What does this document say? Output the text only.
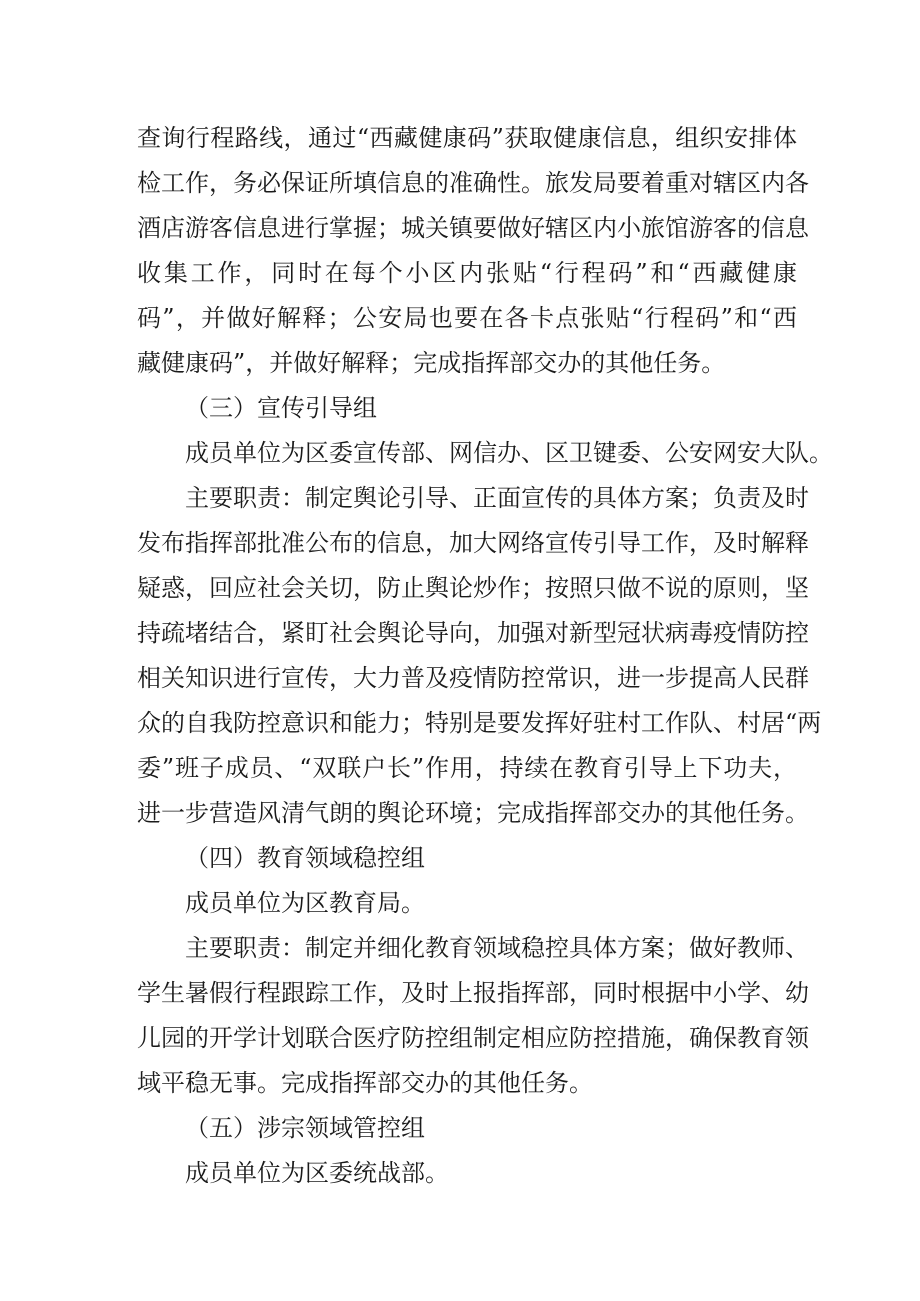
查询行程路线，通过“西藏健康码”获取健康信息，组织安排体
检工作，务必保证所填信息的准确性。旅发局要着重对辖区内各
酒店游客信息进行掌握；城关镇要做好辖区内小旅馆游客的信息
收集工作，同时在每个小区内张贴“行程码”和“西藏健康
码”，并做好解释；公安局也要在各卡点张贴“行程码”和“西
藏健康码”，并做好解释；完成指挥部交办的其他任务。
（三）宣传引导组
成员单位为区委宣传部、网信办、区卫键委、公安网安大队。
主要职责：制定舆论引导、正面宣传的具体方案；负责及时
发布指挥部批准公布的信息，加大网络宣传引导工作，及时解释
疑惑，回应社会关切，防止舆论炒作；按照只做不说的原则，坚
持疏堵结合，紧盯社会舆论导向，加强对新型冠状病毒疫情防控
相关知识进行宣传，大力普及疫情防控常识，进一步提高人民群
众的自我防控意识和能力；特别是要发挥好驻村工作队、村居“两
委”班子成员、“双联户长”作用，持续在教育引导上下功夫，
进一步营造风清气朗的舆论环境；完成指挥部交办的其他任务。
（四）教育领域稳控组
成员单位为区教育局。
主要职责：制定并细化教育领域稳控具体方案；做好教师、
学生暑假行程跟踪工作，及时上报指挥部，同时根据中小学、幼
儿园的开学计划联合医疗防控组制定相应防控措施，确保教育领
域平稳无事。完成指挥部交办的其他任务。
（五）涉宗领域管控组
成员单位为区委统战部。
